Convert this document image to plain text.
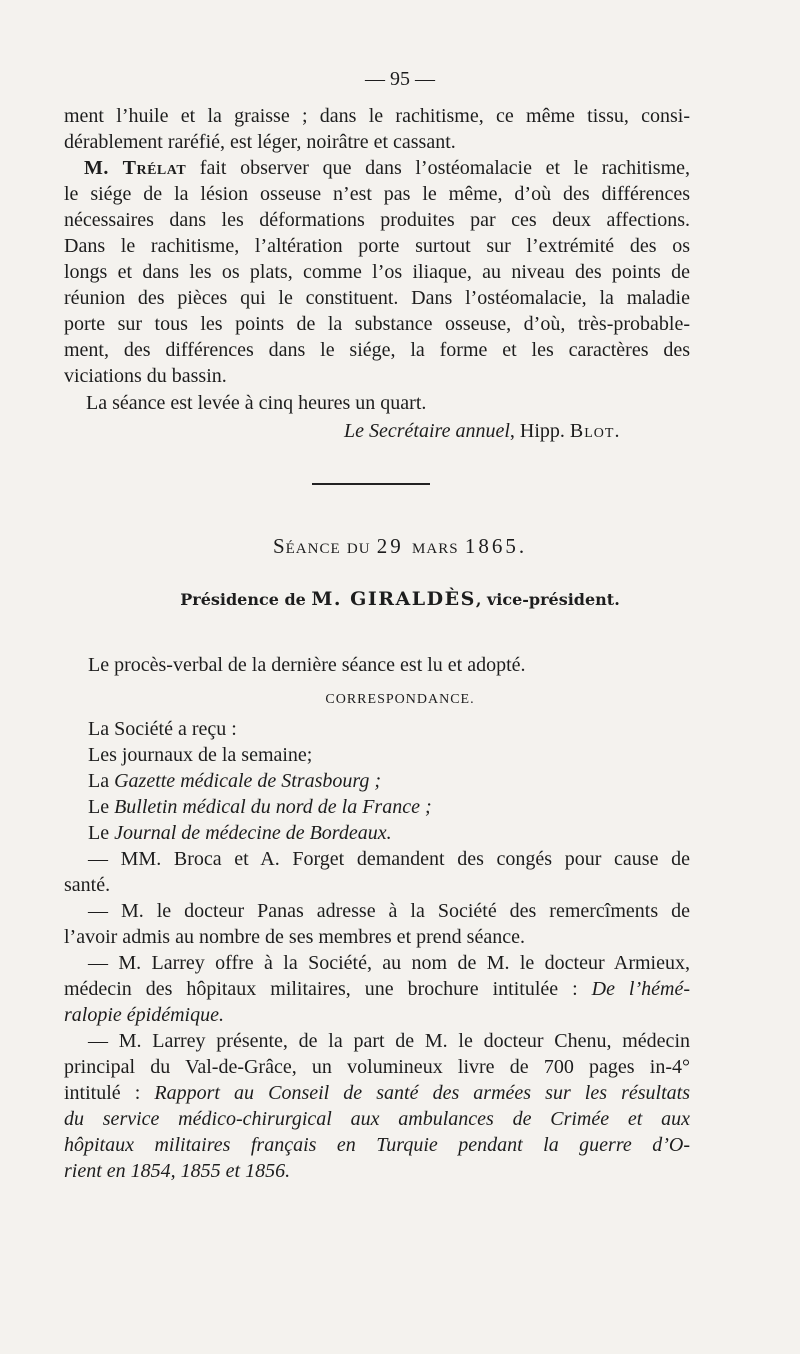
— 95 —
ment l’huile et la graisse ; dans le rachitisme, ce même tissu, consi-
dérablement raréfié, est léger, noirâtre et cassant.
M. Trélat fait observer que dans l’ostéomalacie et le rachitisme,
le siége de la lésion osseuse n’est pas le même, d’où des différences
nécessaires dans les déformations produites par ces deux affections.
Dans le rachitisme, l’altération porte surtout sur l’extrémité des os
longs et dans les os plats, comme l’os iliaque, au niveau des points de
réunion des pièces qui le constituent. Dans l’ostéomalacie, la maladie
porte sur tous les points de la substance osseuse, d’où, très-probable-
ment, des différences dans le siége, la forme et les caractères des
viciations du bassin.
La séance est levée à cinq heures un quart.
Le Secrétaire annuel, Hipp. Blot.
Séance du 29 mars 1865.
Présidence de M. GIRALDÈS, vice-président.
Le procès-verbal de la dernière séance est lu et adopté.
CORRESPONDANCE.
La Société a reçu :
Les journaux de la semaine;
La Gazette médicale de Strasbourg ;
Le Bulletin médical du nord de la France ;
Le Journal de médecine de Bordeaux.
— MM. Broca et A. Forget demandent des congés pour cause de
santé.
— M. le docteur Panas adresse à la Société des remercîments de
l’avoir admis au nombre de ses membres et prend séance.
— M. Larrey offre à la Société, au nom de M. le docteur Armieux,
médecin des hôpitaux militaires, une brochure intitulée : De l’hémé-
ralopie épidémique.
— M. Larrey présente, de la part de M. le docteur Chenu, médecin
principal du Val-de-Grâce, un volumineux livre de 700 pages in-4°
intitulé : Rapport au Conseil de santé des armées sur les résultats
du service médico-chirurgical aux ambulances de Crimée et aux
hôpitaux militaires français en Turquie pendant la guerre d’O-
rient en 1854, 1855 et 1856.
